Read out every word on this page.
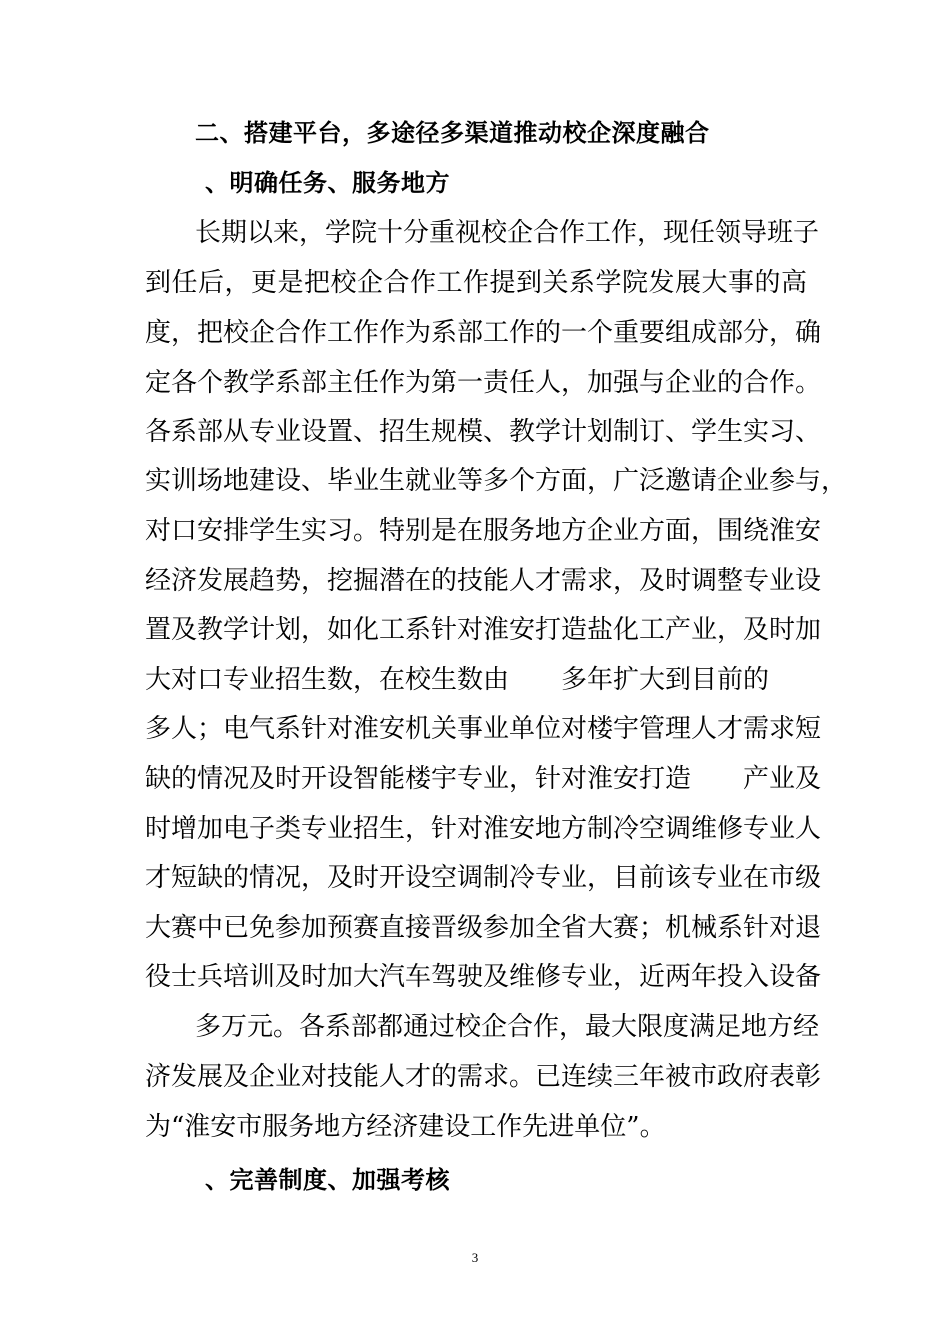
二、搭建平台，多途径多渠道推动校企深度融合
、明确任务、服务地方
长期以来，学院十分重视校企合作工作，现任领导班子
到任后，更是把校企合作工作提到关系学院发展大事的高
度，把校企合作工作作为系部工作的一个重要组成部分，确
定各个教学系部主任作为第一责任人，加强与企业的合作。
各系部从专业设置、招生规模、教学计划制订、学生实习、
实训场地建设、毕业生就业等多个方面，广泛邀请企业参与，
对口安排学生实习。特别是在服务地方企业方面，围绕淮安
经济发展趋势，挖掘潜在的技能人才需求，及时调整专业设
置及教学计划，如化工系针对淮安打造盐化工产业，及时加
大对口专业招生数，在校生数由　　多年扩大到目前的
多人；电气系针对淮安机关事业单位对楼宇管理人才需求短
缺的情况及时开设智能楼宇专业，针对淮安打造　　产业及
时增加电子类专业招生，针对淮安地方制冷空调维修专业人
才短缺的情况，及时开设空调制冷专业，目前该专业在市级
大赛中已免参加预赛直接晋级参加全省大赛；机械系针对退
役士兵培训及时加大汽车驾驶及维修专业，近两年投入设备
多万元。各系部都通过校企合作，最大限度满足地方经
济发展及企业对技能人才的需求。已连续三年被市政府表彰
为“淮安市服务地方经济建设工作先进单位”。
、完善制度、加强考核
3
